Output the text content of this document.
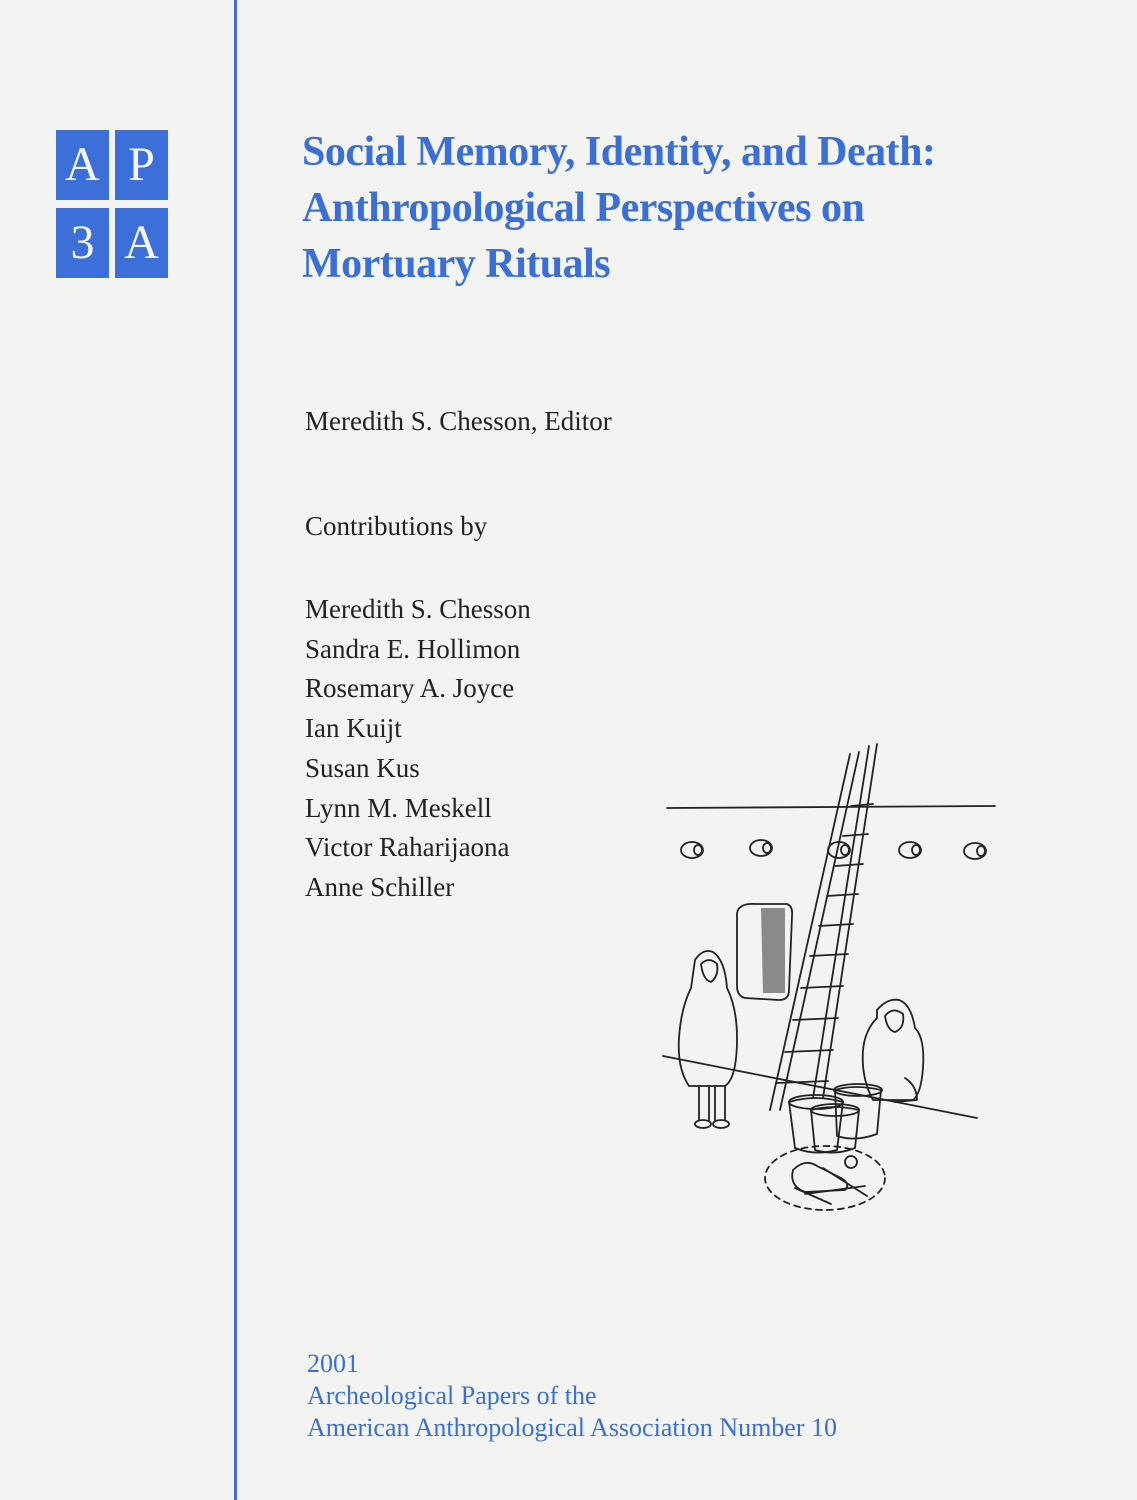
A P
3 A
Social Memory, Identity, and Death:
Anthropological Perspectives on
Mortuary Rituals
Meredith S. Chesson, Editor
Contributions by
Meredith S. Chesson
Sandra E. Hollimon
Rosemary A. Joyce
Ian Kuijt
Susan Kus
Lynn M. Meskell
Victor Raharijaona
Anne Schiller
2001
Archeological Papers of the
American Anthropological Association Number 10
